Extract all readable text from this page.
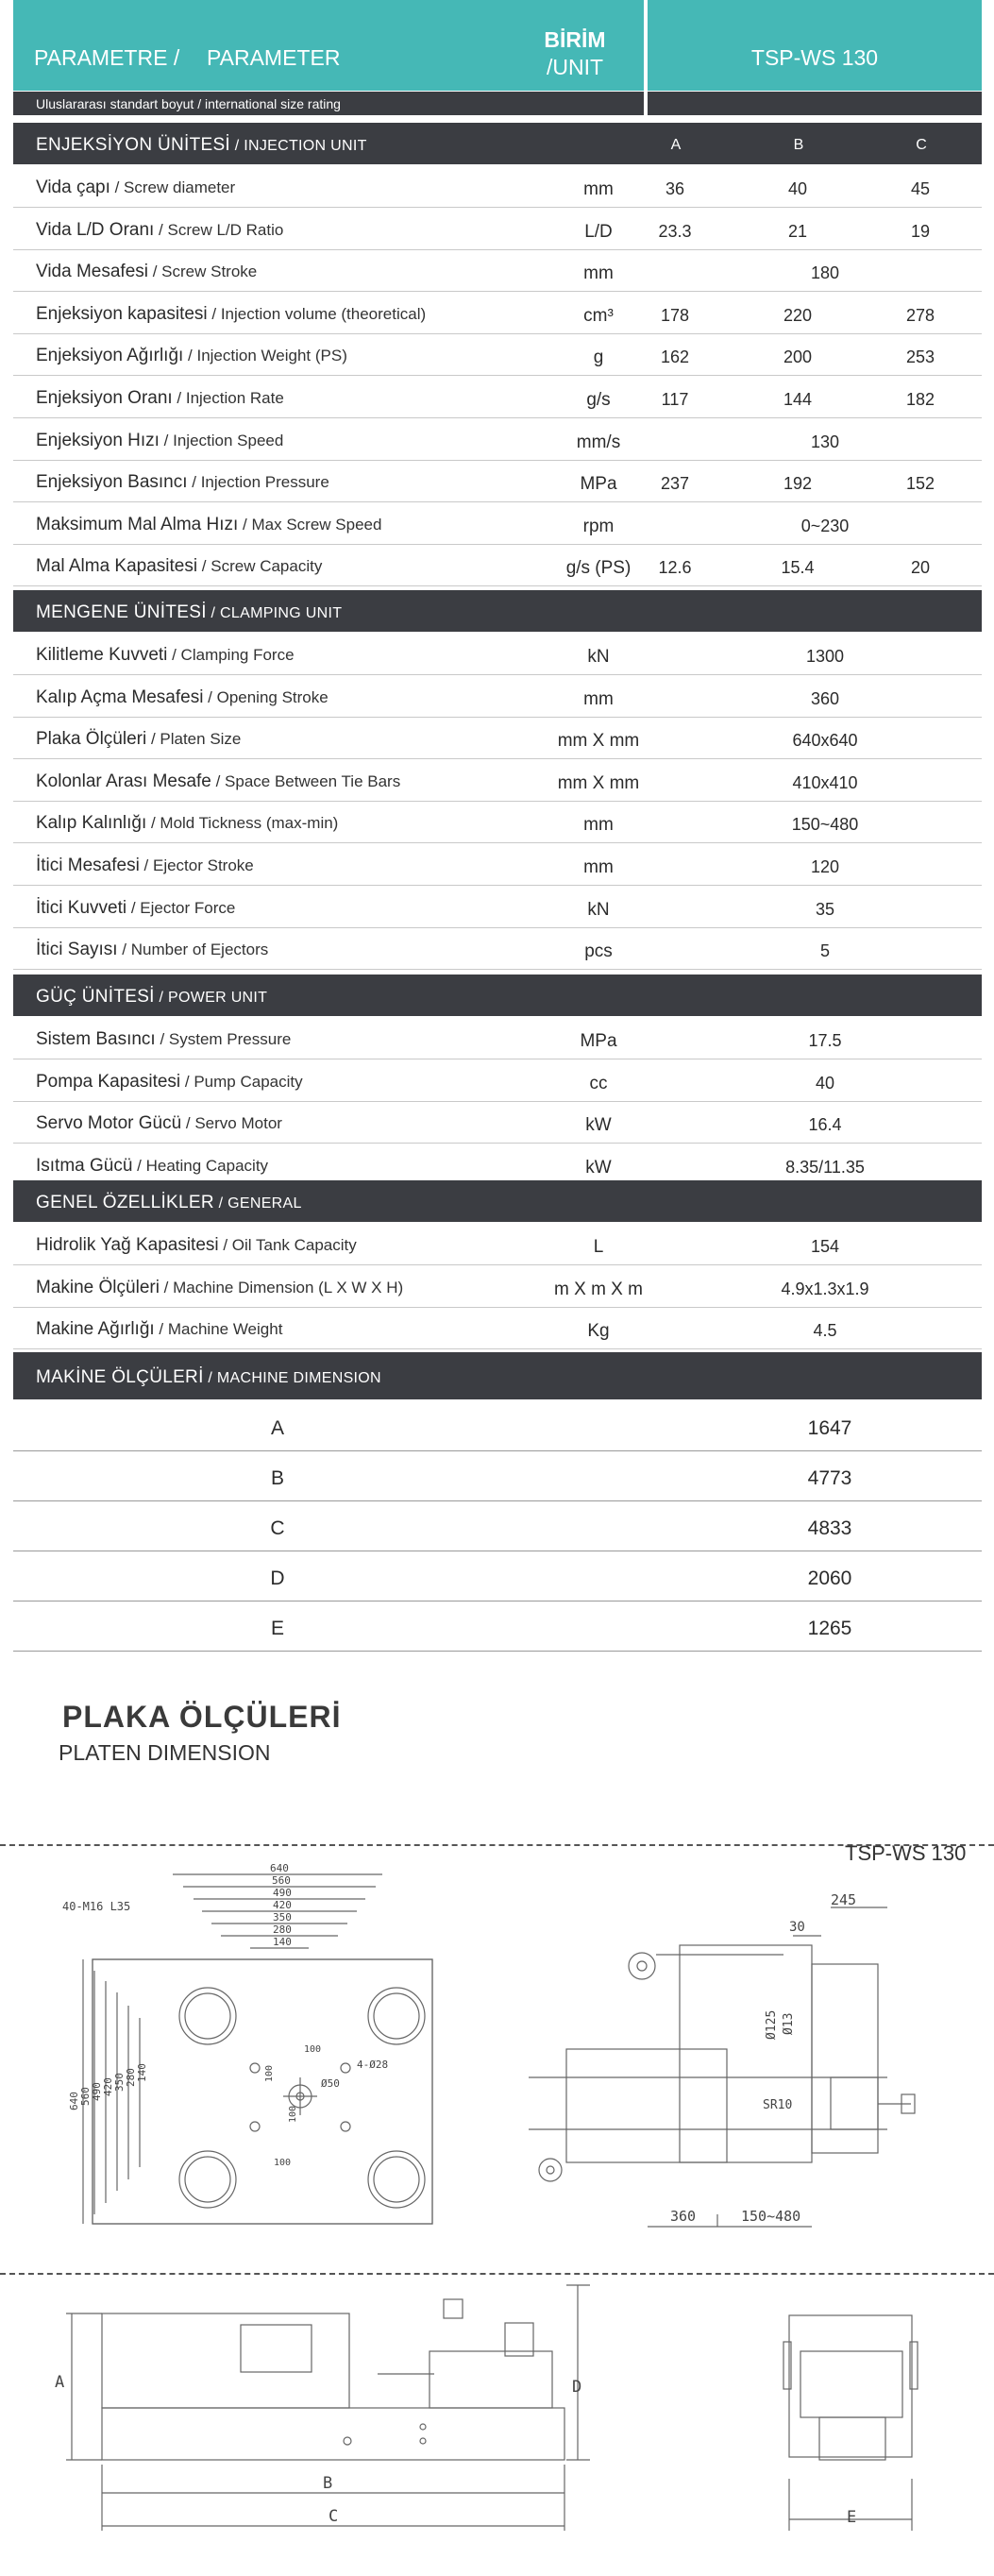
PARAMETRE / PARAMETER
BİRİM
/UNIT	TSP-WS 130
Uluslararası standart boyut / international size rating
ENJEKSİYON ÜNİTESİ / INJECTION UNIT	A	B	C
Vida çapı / Screw diameter	mm	36	40	45
Vida L/D Oranı / Screw L/D Ratio	L/D	23.3	21	19
Vida Mesafesi / Screw Stroke	mm	180
Enjeksiyon kapasitesi / Injection volume (theoretical)	cm³	178	220	278
Enjeksiyon Ağırlığı / Injection Weight (PS)	g	162	200	253
Enjeksiyon Oranı / Injection Rate	g/s	117	144	182
Enjeksiyon Hızı / Injection Speed	mm/s	130
Enjeksiyon Basıncı / Injection Pressure	MPa	237	192	152
Maksimum Mal Alma Hızı / Max Screw Speed	rpm	0~230
Mal Alma Kapasitesi / Screw Capacity	g/s (PS)	12.6	15.4	20
MENGENE ÜNİTESİ / CLAMPING UNIT
Kilitleme Kuvveti / Clamping Force	kN	1300
Kalıp Açma Mesafesi / Opening Stroke	mm	360
Plaka Ölçüleri / Platen Size	mm X mm	640x640
Kolonlar Arası Mesafe / Space Between Tie Bars	mm X mm	410x410
Kalıp Kalınlığı / Mold Tickness (max-min)	mm	150~480
İtici Mesafesi / Ejector Stroke	mm	120
İtici Kuvveti / Ejector Force	kN	35
İtici Sayısı / Number of Ejectors	pcs	5
GÜÇ ÜNİTESİ / POWER UNIT
Sistem Basıncı / System Pressure	MPa	17.5
Pompa Kapasitesi / Pump Capacity	cc	40
Servo Motor Gücü / Servo Motor	kW	16.4
Isıtma Gücü / Heating Capacity	kW	8.35/11.35
GENEL ÖZELLİKLER / GENERAL
Hidrolik Yağ Kapasitesi / Oil Tank Capacity	L	154
Makine Ölçüleri / Machine Dimension (L X W X H)	m X m X m	4.9x1.3x1.9
Makine Ağırlığı / Machine Weight	Kg	4.5
MAKİNE ÖLÇÜLERİ / MACHINE DIMENSION
A	1647
B	4773
C	4833
D	2060
E	1265
PLAKA ÖLÇÜLERİ
PLATEN DIMENSION
TSP-WS 130
640
560
490
420
350
280
140
640 560 490 420 350 280 140
40-M16 L35
4-Ø28
Ø50
100
100
100
100
245
30
Ø125 Ø13
SR10
360	150~480
A	D
B
C	E
